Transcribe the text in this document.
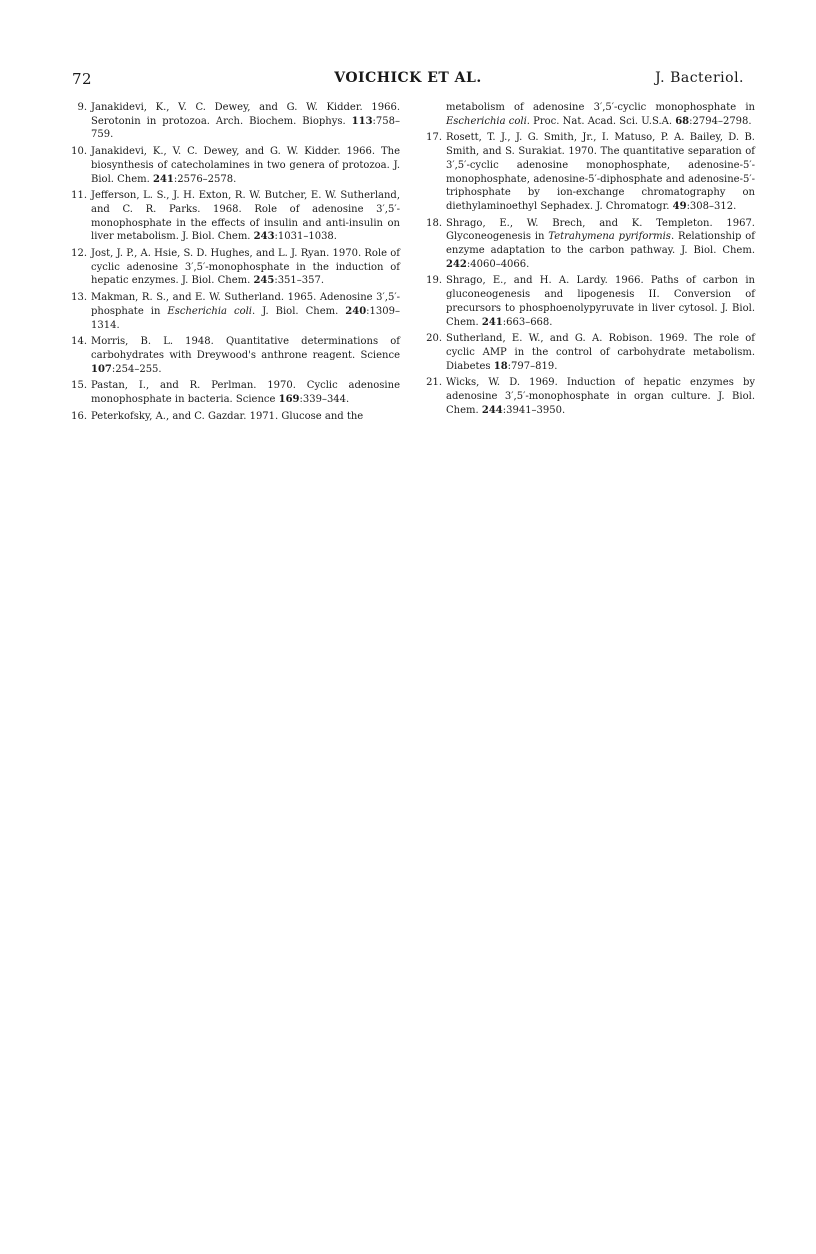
72	VOICHICK ET AL.	J. Bacteriol.
9. Janakidevi, K., V. C. Dewey, and G. W. Kidder. 1966. Serotonin in protozoa. Arch. Biochem. Biophys. 113:758–759.
10. Janakidevi, K., V. C. Dewey, and G. W. Kidder. 1966. The biosynthesis of catecholamines in two genera of protozoa. J. Biol. Chem. 241:2576–2578.
11. Jefferson, L. S., J. H. Exton, R. W. Butcher, E. W. Sutherland, and C. R. Parks. 1968. Role of adenosine 3′,5′-monophosphate in the effects of insulin and anti-insulin on liver metabolism. J. Biol. Chem. 243:1031–1038.
12. Jost, J. P., A. Hsie, S. D. Hughes, and L. J. Ryan. 1970. Role of cyclic adenosine 3′,5′-monophosphate in the induction of hepatic enzymes. J. Biol. Chem. 245:351–357.
13. Makman, R. S., and E. W. Sutherland. 1965. Adenosine 3′,5′-phosphate in Escherichia coli. J. Biol. Chem. 240:1309–1314.
14. Morris, B. L. 1948. Quantitative determinations of carbohydrates with Dreywood's anthrone reagent. Science 107:254–255.
15. Pastan, I., and R. Perlman. 1970. Cyclic adenosine monophosphate in bacteria. Science 169:339–344.
16. Peterkofsky, A., and C. Gazdar. 1971. Glucose and the
metabolism of adenosine 3′,5′-cyclic monophosphate in Escherichia coli. Proc. Nat. Acad. Sci. U.S.A. 68:2794–2798.
17. Rosett, T. J., J. G. Smith, Jr., I. Matuso, P. A. Bailey, D. B. Smith, and S. Surakiat. 1970. The quantitative separation of 3′,5′-cyclic adenosine monophosphate, adenosine-5′-monophosphate, adenosine-5′-diphosphate and adenosine-5′-triphosphate by ion-exchange chromatography on diethylaminoethyl Sephadex. J. Chromatogr. 49:308–312.
18. Shrago, E., W. Brech, and K. Templeton. 1967. Glyconeogenesis in Tetrahymena pyriformis. Relationship of enzyme adaptation to the carbon pathway. J. Biol. Chem. 242:4060–4066.
19. Shrago, E., and H. A. Lardy. 1966. Paths of carbon in gluconeogenesis and lipogenesis II. Conversion of precursors to phosphoenolypyruvate in liver cytosol. J. Biol. Chem. 241:663–668.
20. Sutherland, E. W., and G. A. Robison. 1969. The role of cyclic AMP in the control of carbohydrate metabolism. Diabetes 18:797–819.
21. Wicks, W. D. 1969. Induction of hepatic enzymes by adenosine 3′,5′-monophosphate in organ culture. J. Biol. Chem. 244:3941–3950.
